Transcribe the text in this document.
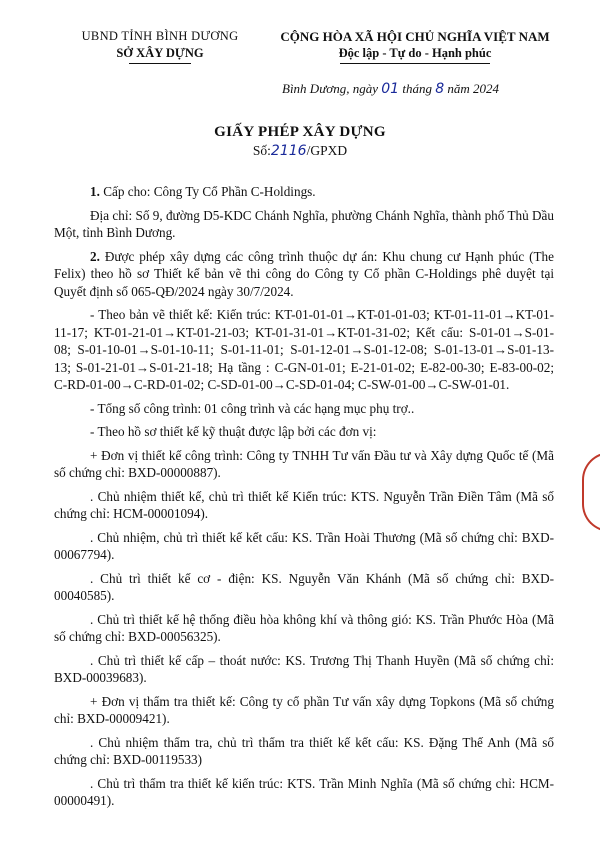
UBND TỈNH BÌNH DƯƠNG
SỞ XÂY DỰNG
CỘNG HÒA XÃ HỘI CHỦ NGHĨA VIỆT NAM
Độc lập - Tự do - Hạnh phúc
Bình Dương, ngày 01 tháng 8 năm 2024
GIẤY PHÉP XÂY DỰNG
Số:2116/GPXD

1. Cấp cho: Công Ty Cổ Phần C-Holdings.

Địa chỉ: Số 9, đường D5-KDC Chánh Nghĩa, phường Chánh Nghĩa, thành phố Thủ Dầu Một, tỉnh Bình Dương.

2. Được phép xây dựng các công trình thuộc dự án: Khu chung cư Hạnh phúc (The Felix) theo hồ sơ Thiết kế bản vẽ thi công do Công ty Cổ phần C-Holdings phê duyệt tại Quyết định số 065-QĐ/2024 ngày 30/7/2024.

- Theo bản vẽ thiết kế: Kiến trúc: KT-01-01-01→KT-01-01-03; KT-01-11-01→KT-01-11-17; KT-01-21-01→KT-01-21-03; KT-01-31-01→KT-01-31-02; Kết cấu: S-01-01→S-01-08; S-01-10-01→S-01-10-11; S-01-11-01; S-01-12-01→S-01-12-08; S-01-13-01→S-01-13-13; S-01-21-01→S-01-21-18; Hạ tầng : C-GN-01-01; E-21-01-02; E-82-00-30; E-83-00-02; C-RD-01-00→C-RD-01-02; C-SD-01-00→C-SD-01-04; C-SW-01-00→C-SW-01-01.

- Tổng số công trình: 01 công trình và các hạng mục phụ trợ..

- Theo hồ sơ thiết kế kỹ thuật được lập bởi các đơn vị:

+ Đơn vị thiết kế công trình: Công ty TNHH Tư vấn Đầu tư và Xây dựng Quốc tế (Mã số chứng chỉ: BXD-00000887).

. Chủ nhiệm thiết kế, chủ trì thiết kế Kiến trúc: KTS. Nguyễn Trần Điền Tâm (Mã số chứng chỉ: HCM-00001094).

. Chủ nhiệm, chủ trì thiết kế kết cấu: KS. Trần Hoài Thương (Mã số chứng chỉ: BXD-00067794).

. Chủ trì thiết kế cơ - điện: KS. Nguyễn Văn Khánh (Mã số chứng chỉ: BXD-00040585).

. Chủ trì thiết kế hệ thống điều hòa không khí và thông gió: KS. Trần Phước Hòa (Mã số chứng chỉ: BXD-00056325).

. Chủ trì thiết kế cấp – thoát nước: KS. Trương Thị Thanh Huyền (Mã số chứng chỉ: BXD-00039683).

+ Đơn vị thẩm tra thiết kế: Công ty cổ phần Tư vấn xây dựng Topkons (Mã số chứng chỉ: BXD-00009421).

. Chủ nhiệm thẩm tra, chủ trì thẩm tra thiết kế kết cấu: KS. Đặng Thế Anh (Mã số chứng chỉ: BXD-00119533)

. Chủ trì thẩm tra thiết kế kiến trúc: KTS. Trần Minh Nghĩa (Mã số chứng chỉ: HCM-00000491).
